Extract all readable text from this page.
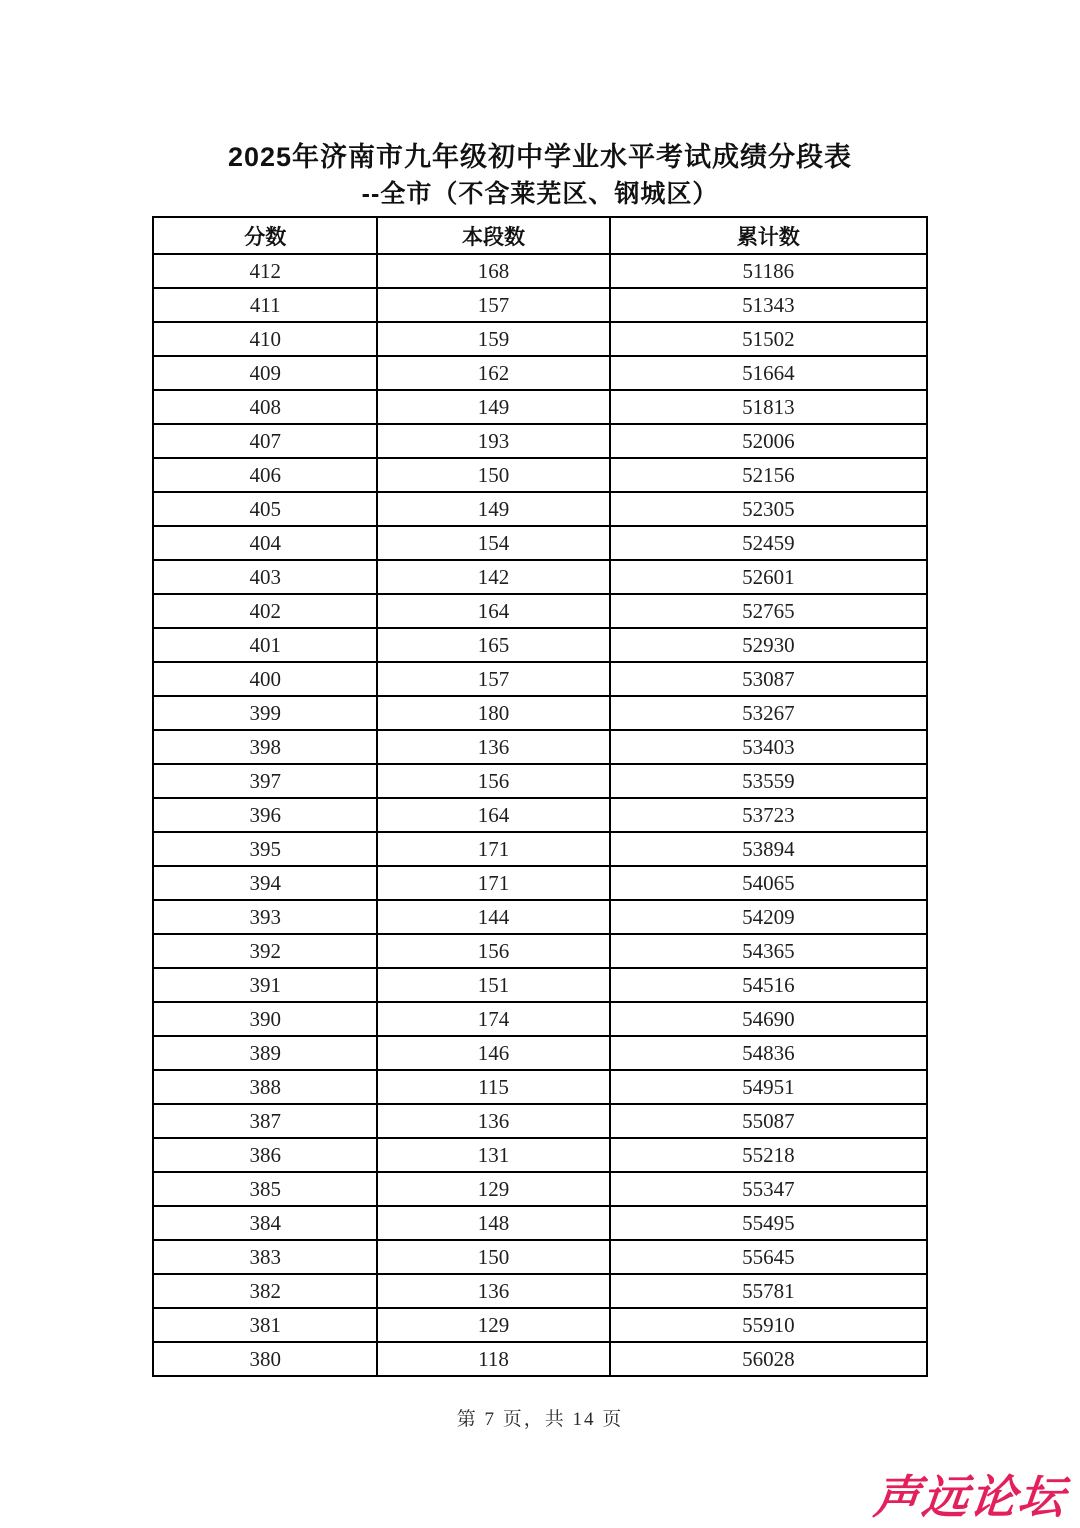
2025年济南市九年级初中学业水平考试成绩分段表
--全市（不含莱芜区、钢城区）
分数	本段数	累计数
412	168	51186
411	157	51343
410	159	51502
409	162	51664
408	149	51813
407	193	52006
406	150	52156
405	149	52305
404	154	52459
403	142	52601
402	164	52765
401	165	52930
400	157	53087
399	180	53267
398	136	53403
397	156	53559
396	164	53723
395	171	53894
394	171	54065
393	144	54209
392	156	54365
391	151	54516
390	174	54690
389	146	54836
388	115	54951
387	136	55087
386	131	55218
385	129	55347
384	148	55495
383	150	55645
382	136	55781
381	129	55910
380	118	56028
第 7 页，共 14 页
声远论坛
